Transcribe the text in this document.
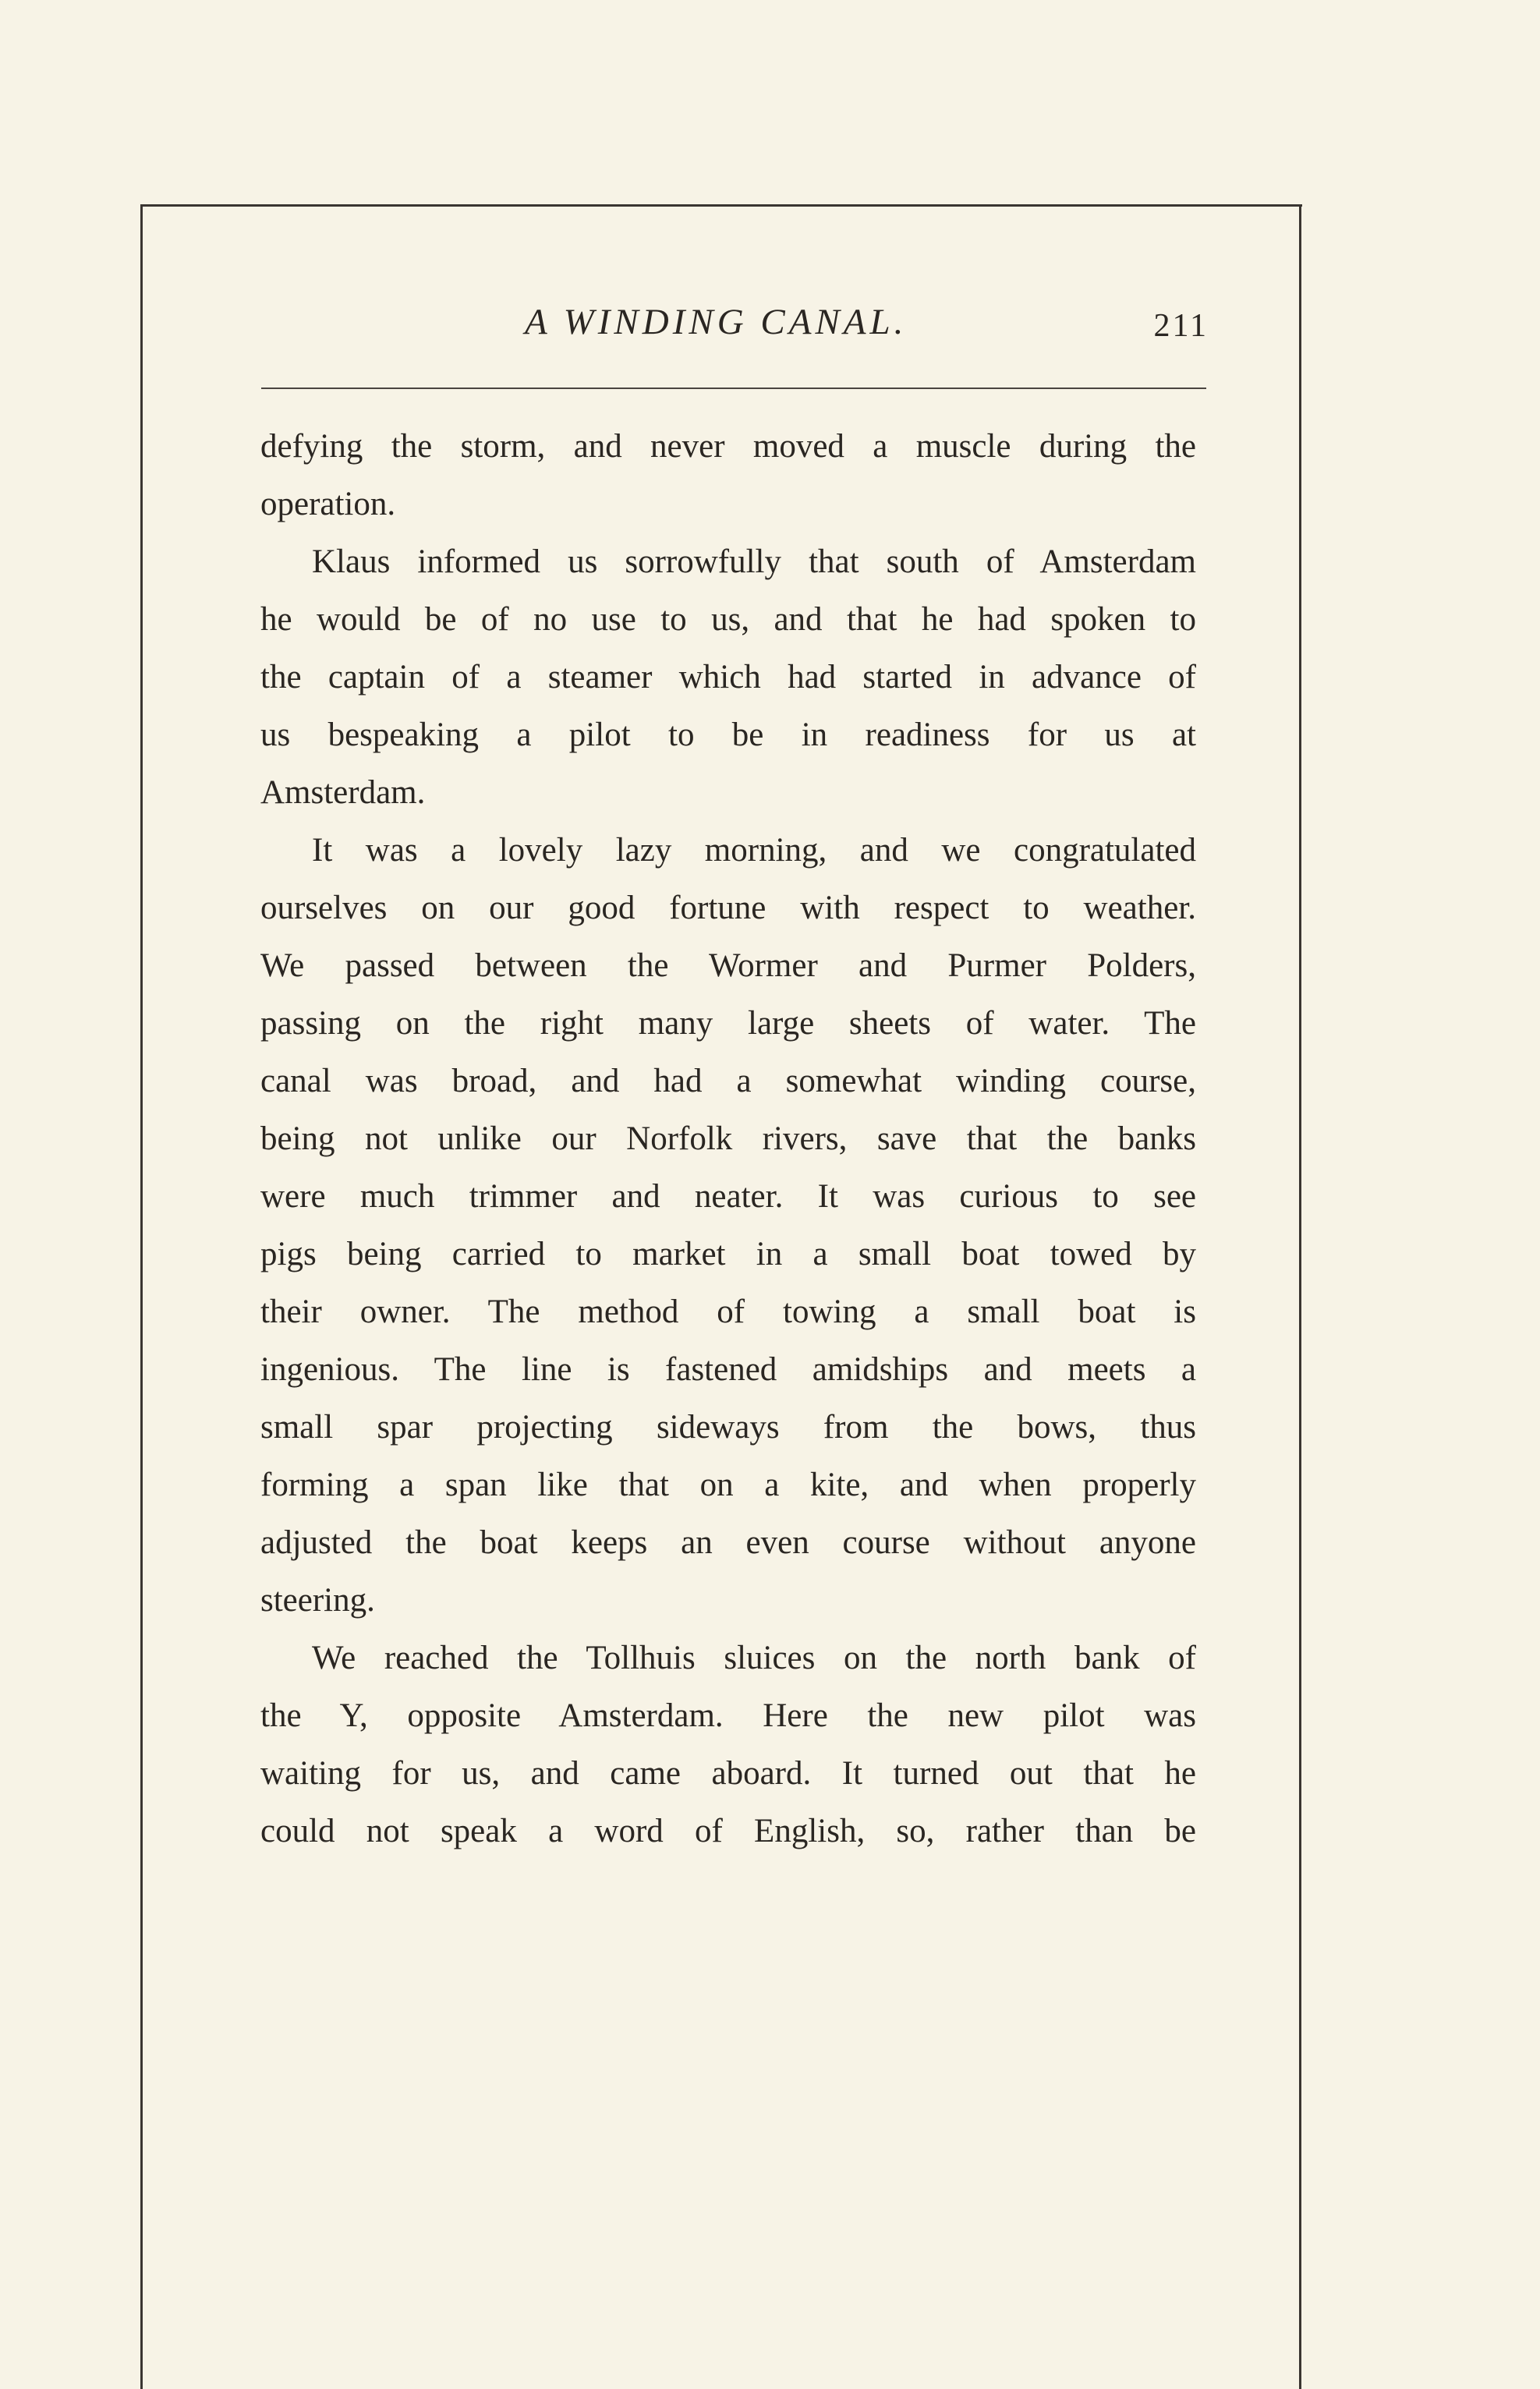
A WINDING CANAL.	211
defying the storm, and never moved a muscle during the
operation.
Klaus informed us sorrowfully that south of Amsterdam
he would be of no use to us, and that he had spoken to
the captain of a steamer which had started in advance of
us bespeaking a pilot to be in readiness for us at
Amsterdam.
It was a lovely lazy morning, and we congratulated
ourselves on our good fortune with respect to weather.
We passed between the Wormer and Purmer Polders,
passing on the right many large sheets of water. The
canal was broad, and had a somewhat winding course,
being not unlike our Norfolk rivers, save that the banks
were much trimmer and neater. It was curious to see
pigs being carried to market in a small boat towed by
their owner. The method of towing a small boat is
ingenious. The line is fastened amidships and meets a
small spar projecting sideways from the bows, thus
forming a span like that on a kite, and when properly
adjusted the boat keeps an even course without anyone
steering.
We reached the Tollhuis sluices on the north bank of
the Y, opposite Amsterdam. Here the new pilot was
waiting for us, and came aboard. It turned out that he
could not speak a word of English, so, rather than be
